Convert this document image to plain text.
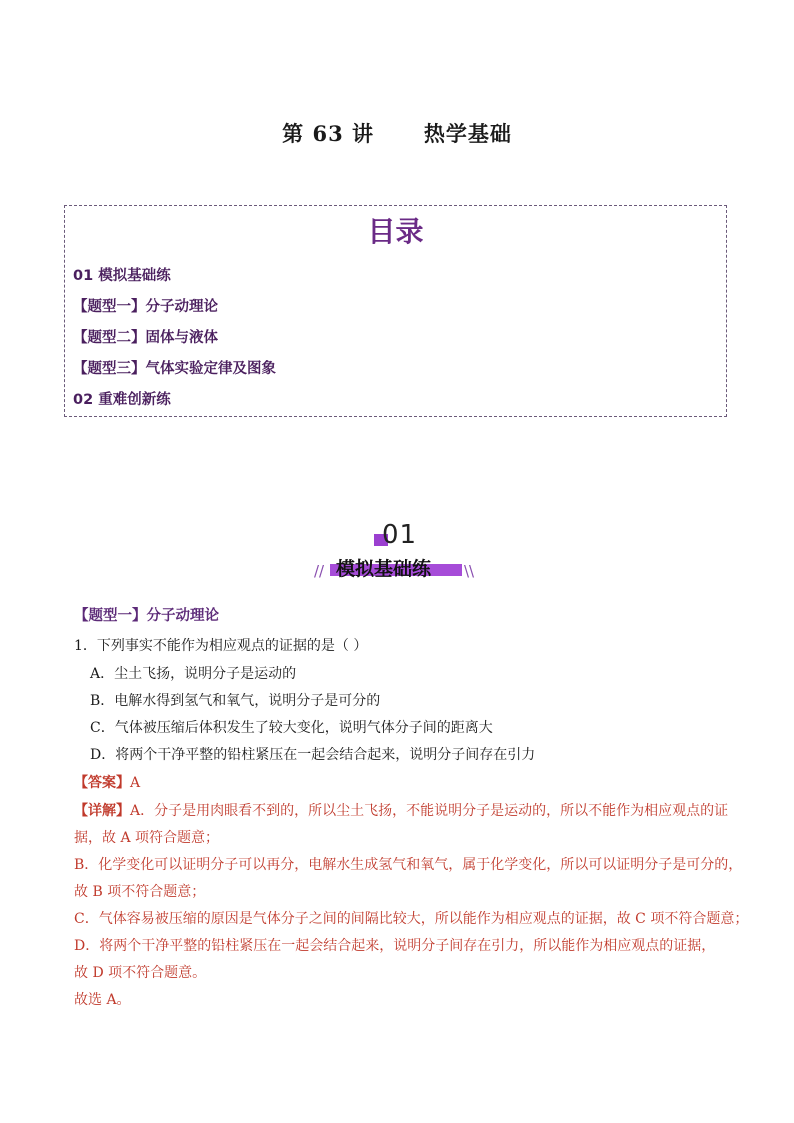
第 63 讲      热学基础
目录
01 模拟基础练
【题型一】分子动理论
【题型二】固体与液体
【题型三】气体实验定律及图象
02 重难创新练
01
模拟基础练
//	\\
【题型一】分子动理论
1．下列事实不能作为相应观点的证据的是（ ）
A．尘土飞扬，说明分子是运动的
B．电解水得到氢气和氧气，说明分子是可分的
C．气体被压缩后体积发生了较大变化，说明气体分子间的距离大
D．将两个干净平整的铅柱紧压在一起会结合起来，说明分子间存在引力
【答案】A
【详解】A．分子是用肉眼看不到的，所以尘土飞扬，不能说明分子是运动的，所以不能作为相应观点的证
据，故 A 项符合题意；
B．化学变化可以证明分子可以再分，电解水生成氢气和氧气，属于化学变化，所以可以证明分子是可分的，
故 B 项不符合题意；
C．气体容易被压缩的原因是气体分子之间的间隔比较大，所以能作为相应观点的证据，故 C 项不符合题意；
D．将两个干净平整的铅柱紧压在一起会结合起来，说明分子间存在引力，所以能作为相应观点的证据，
故 D 项不符合题意。
故选 A。
